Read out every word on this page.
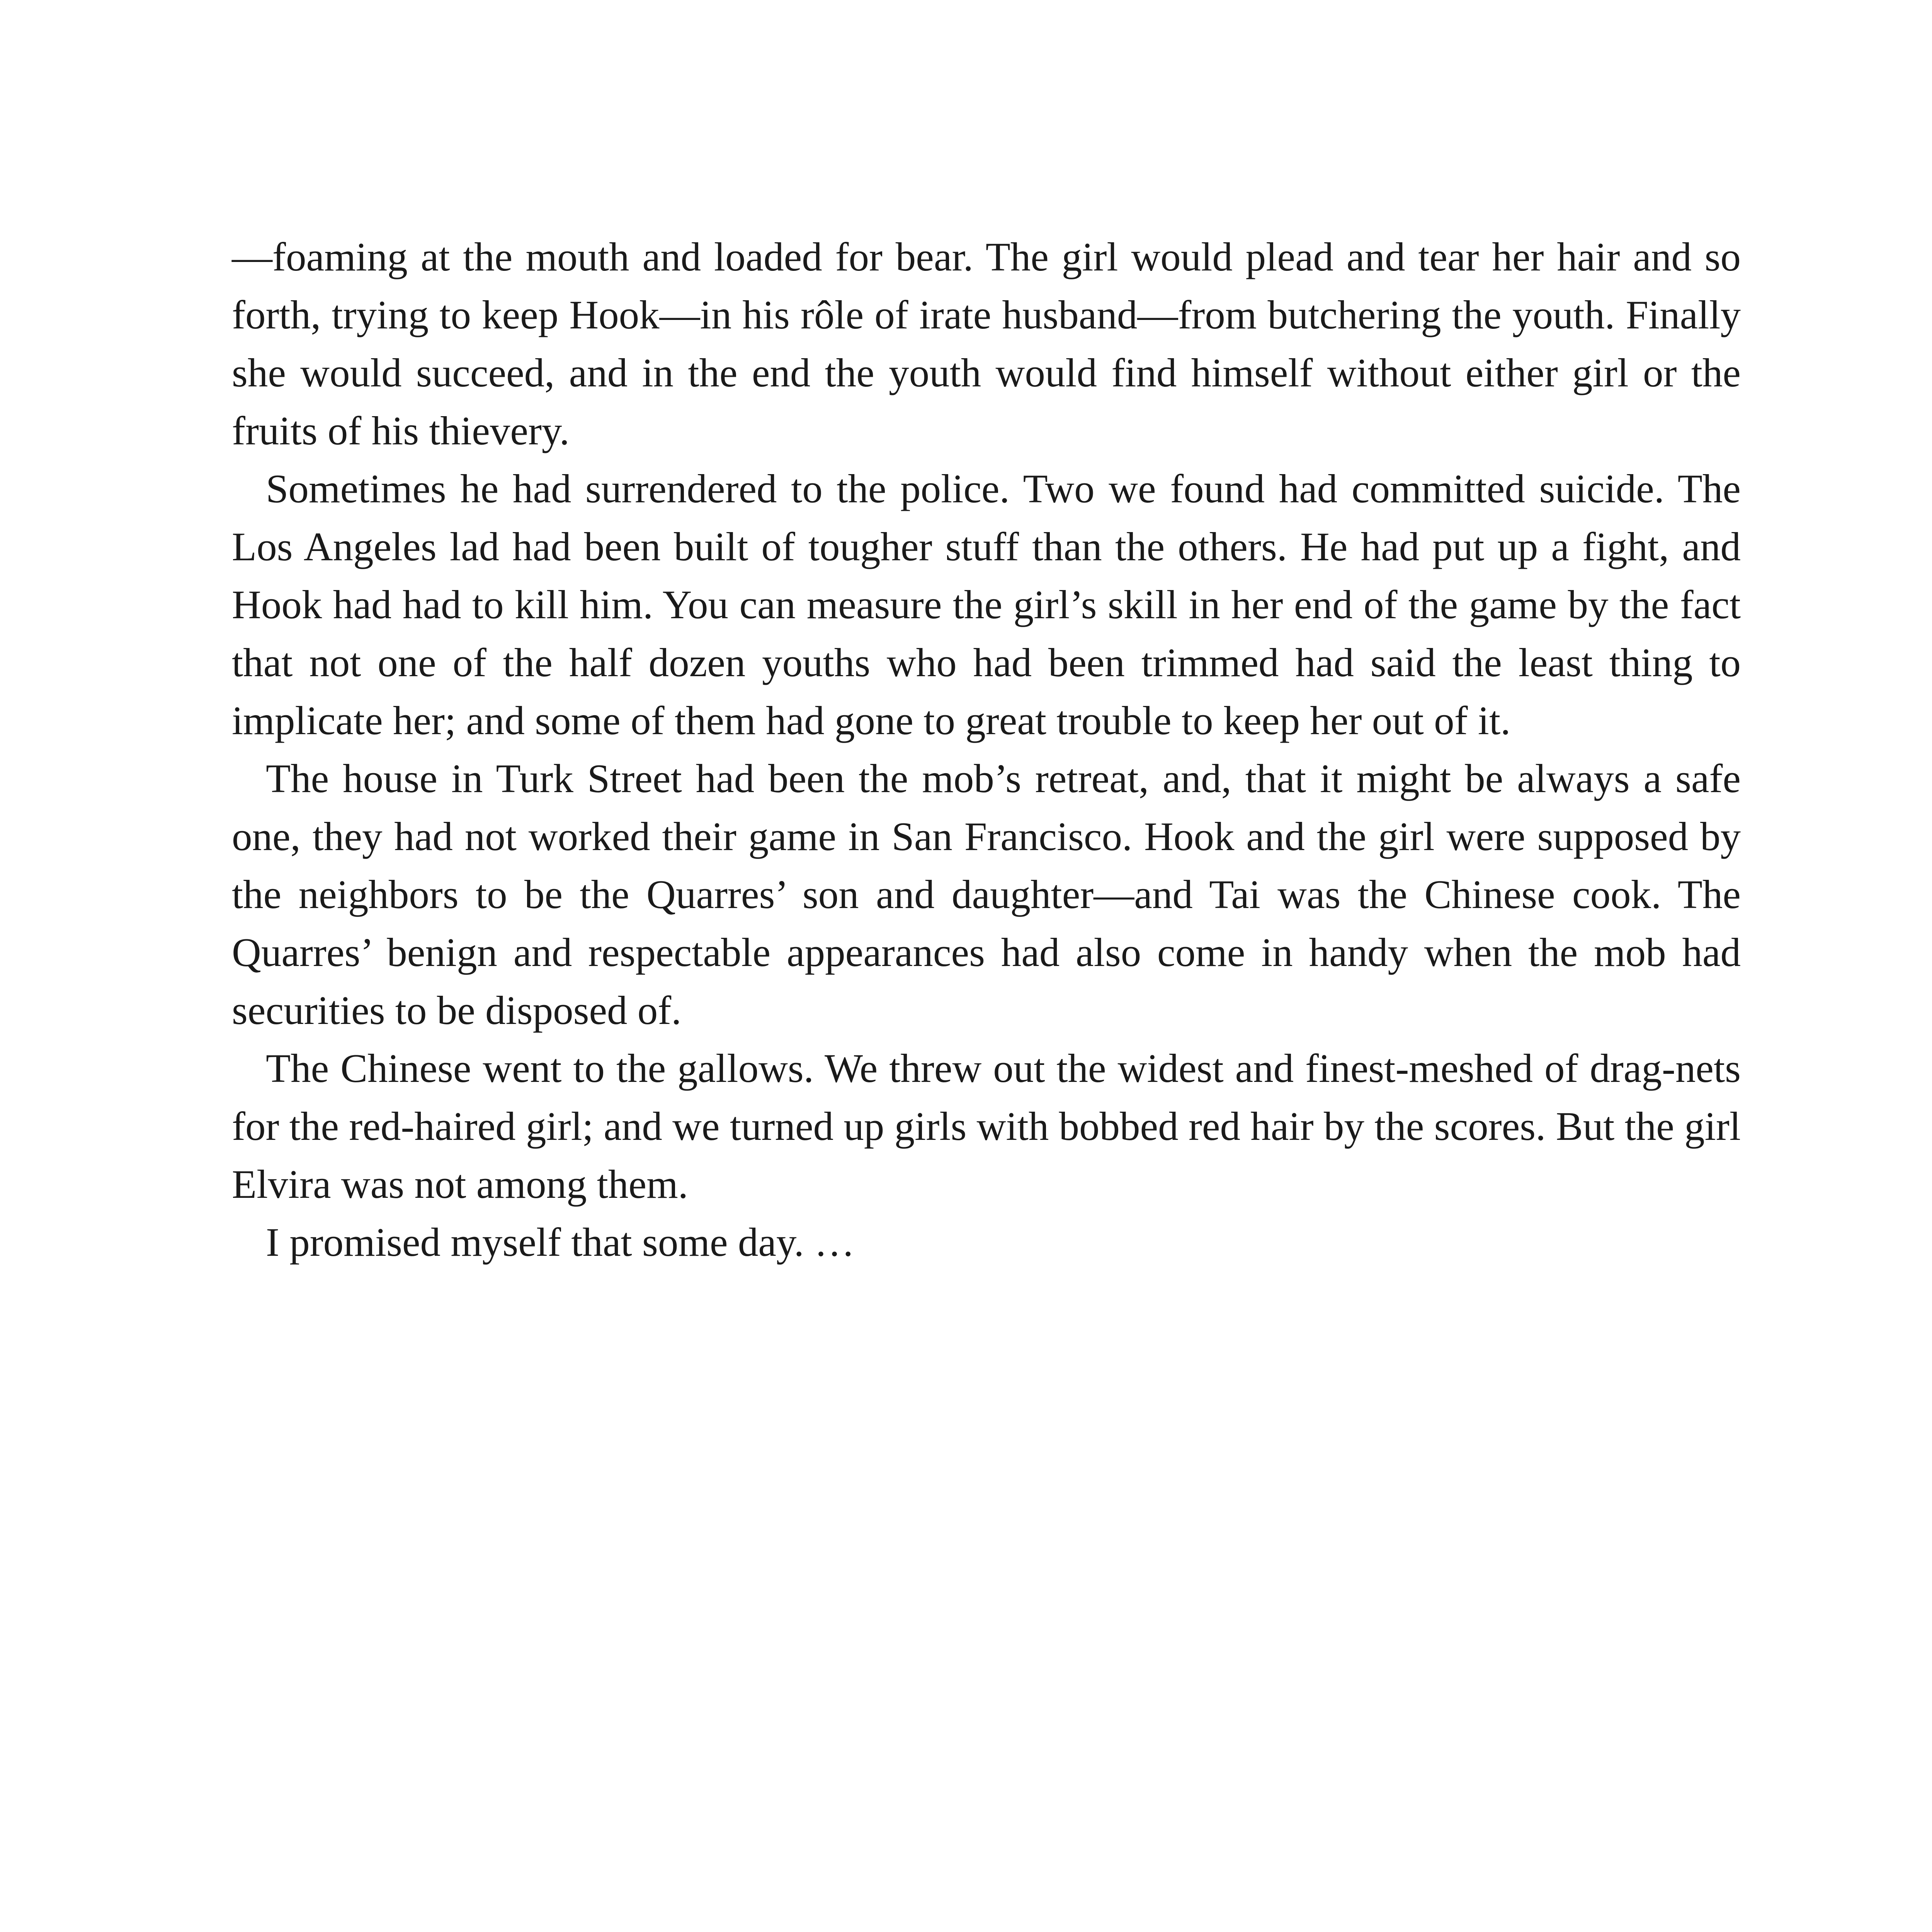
—foaming at the mouth and loaded for bear. The girl would plead and tear her hair and so forth, trying to keep Hook—in his rôle of irate husband—from butchering the youth. Finally she would succeed, and in the end the youth would find himself without either girl or the fruits of his thievery.

Sometimes he had surrendered to the police. Two we found had committed suicide. The Los Angeles lad had been built of tougher stuff than the others. He had put up a fight, and Hook had had to kill him. You can measure the girl’s skill in her end of the game by the fact that not one of the half dozen youths who had been trimmed had said the least thing to implicate her; and some of them had gone to great trouble to keep her out of it.

The house in Turk Street had been the mob’s retreat, and, that it might be always a safe one, they had not worked their game in San Francisco. Hook and the girl were supposed by the neighbors to be the Quarres’ son and daughter—and Tai was the Chinese cook. The Quarres’ benign and respectable appearances had also come in handy when the mob had securities to be disposed of.

The Chinese went to the gallows. We threw out the widest and finest-meshed of drag-nets for the red-haired girl; and we turned up girls with bobbed red hair by the scores. But the girl Elvira was not among them.

I promised myself that some day. …
